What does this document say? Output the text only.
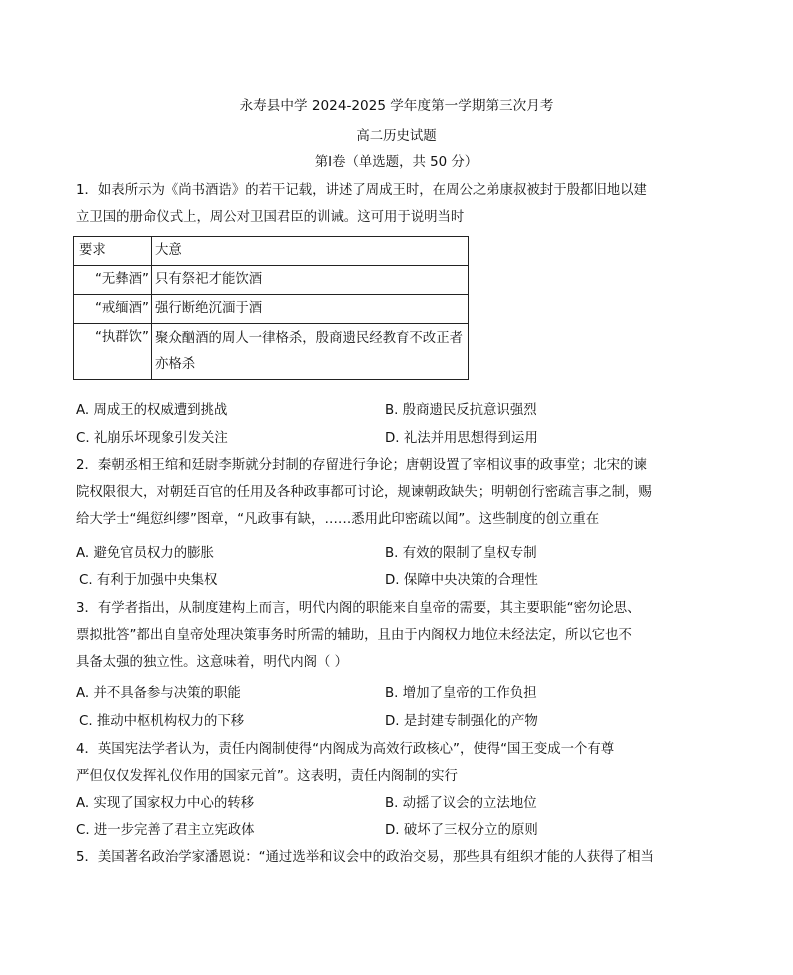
永寿县中学 2024-2025 学年度第一学期第三次月考
高二历史试题
第Ⅰ卷（单选题，共 50 分）
1．如表所示为《尚书酒诰》的若干记载，讲述了周成王时，在周公之弟康叔被封于殷都旧地以建
立卫国的册命仪式上，周公对卫国君臣的训诫。这可用于说明当时
要求	大意
“无彝酒”	只有祭祀才能饮酒
“戒缅酒”	强行断绝沉湎于酒
“执群饮”	聚众酗酒的周人一律格杀，殷商遗民经教育不改正者亦格杀
A. 周成王的权威遭到挑战	B. 殷商遗民反抗意识强烈
C. 礼崩乐坏现象引发关注	D. 礼法并用思想得到运用
2．秦朝丞相王绾和廷尉李斯就分封制的存留进行争论；唐朝设置了宰相议事的政事堂；北宋的谏
院权限很大，对朝廷百官的任用及各种政事都可讨论，规谏朝政缺失；明朝创行密疏言事之制，赐
给大学士“绳愆纠缪”图章，“凡政事有缺，……悉用此印密疏以闻”。这些制度的创立重在
A. 避免官员权力的膨胀	B. 有效的限制了皇权专制
C. 有利于加强中央集权	D. 保障中央决策的合理性
3．有学者指出，从制度建构上而言，明代内阁的职能来自皇帝的需要，其主要职能“密勿论思、
票拟批答”都出自皇帝处理决策事务时所需的辅助，且由于内阁权力地位未经法定，所以它也不
具备太强的独立性。这意味着，明代内阁（ ）
A. 并不具备参与决策的职能	B. 增加了皇帝的工作负担
C. 推动中枢机构权力的下移	D. 是封建专制强化的产物
4．英国宪法学者认为，责任内阁制使得“内阁成为高效行政核心”，使得“国王变成一个有尊
严但仅仅发挥礼仪作用的国家元首”。这表明，责任内阁制的实行
A. 实现了国家权力中心的转移	B. 动摇了议会的立法地位
C. 进一步完善了君主立宪政体	D. 破坏了三权分立的原则
5．美国著名政治学家潘恩说：“通过选举和议会中的政治交易，那些具有组织才能的人获得了相当
